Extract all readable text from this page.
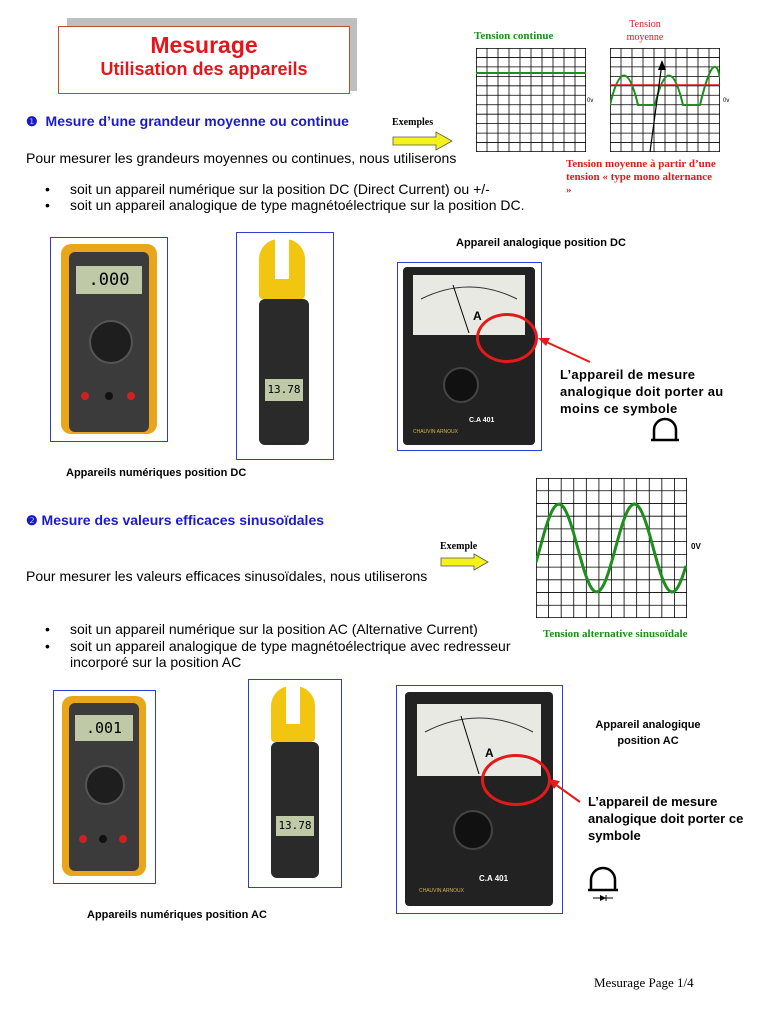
Mesurage
Utilisation des appareils
❶ Mesure d’une grandeur moyenne ou continue	Exemples
Pour mesurer les grandeurs moyennes ou continues, nous utiliserons
• soit un appareil numérique sur la position DC (Direct Current) ou +/-
• soit un appareil analogique de type magnétoélectrique sur la position DC.
Tension continue
0v
Tension moyenne
0v
Tension moyenne à partir d’une tension « type mono alternance »
.000
13.78
Appareil analogique position DC
A
C.A 401
CHAUVIN ARNOUX
L’appareil de mesure analogique doit porter au moins ce symbole
Appareils numériques position DC
❷ Mesure des valeurs efficaces sinusoïdales
Exemple
Pour mesurer les valeurs efficaces sinusoïdales, nous utiliserons
0V
Tension alternative sinusoïdale
• soit un appareil numérique sur la position AC (Alternative Current)
• soit un appareil analogique de type magnétoélectrique avec redresseur incorporé sur la position AC
.001
13.78
A
C.A 401
CHAUVIN ARNOUX
Appareil analogique position AC
L’appareil de mesure analogique doit porter ce symbole
Appareils numériques position AC
Mesurage Page 1/4
